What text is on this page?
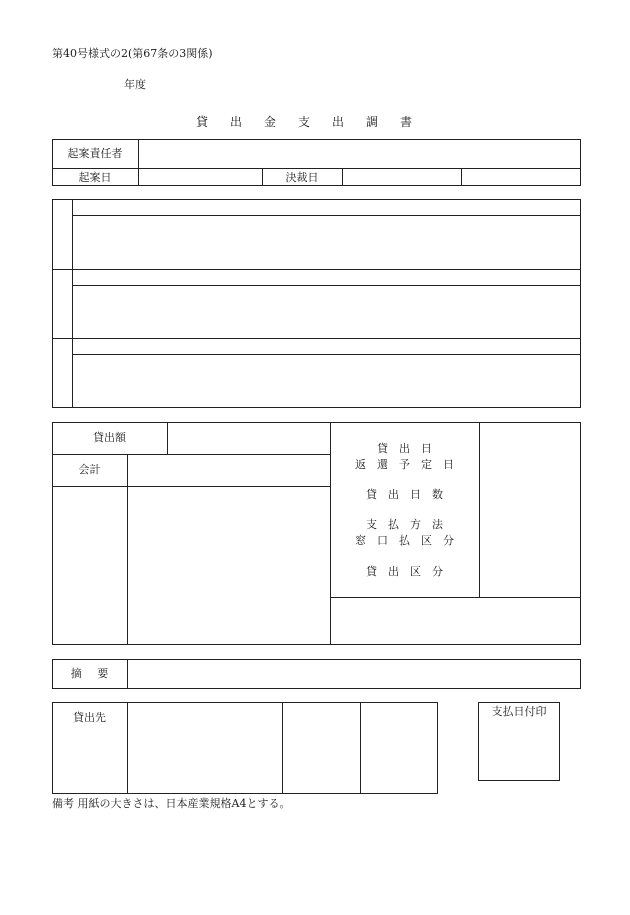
第40号様式の2(第67条の3関係)
年度
貸出金支出調書
起案責任者
起案日	決裁日
貸出額
会計
貸出日
返還予定日
貸出日数
支払方法
窓口払区分
貸出区分
摘 要
貸出先	支払日付印
備考 用紙の大きさは、日本産業規格A4とする。
